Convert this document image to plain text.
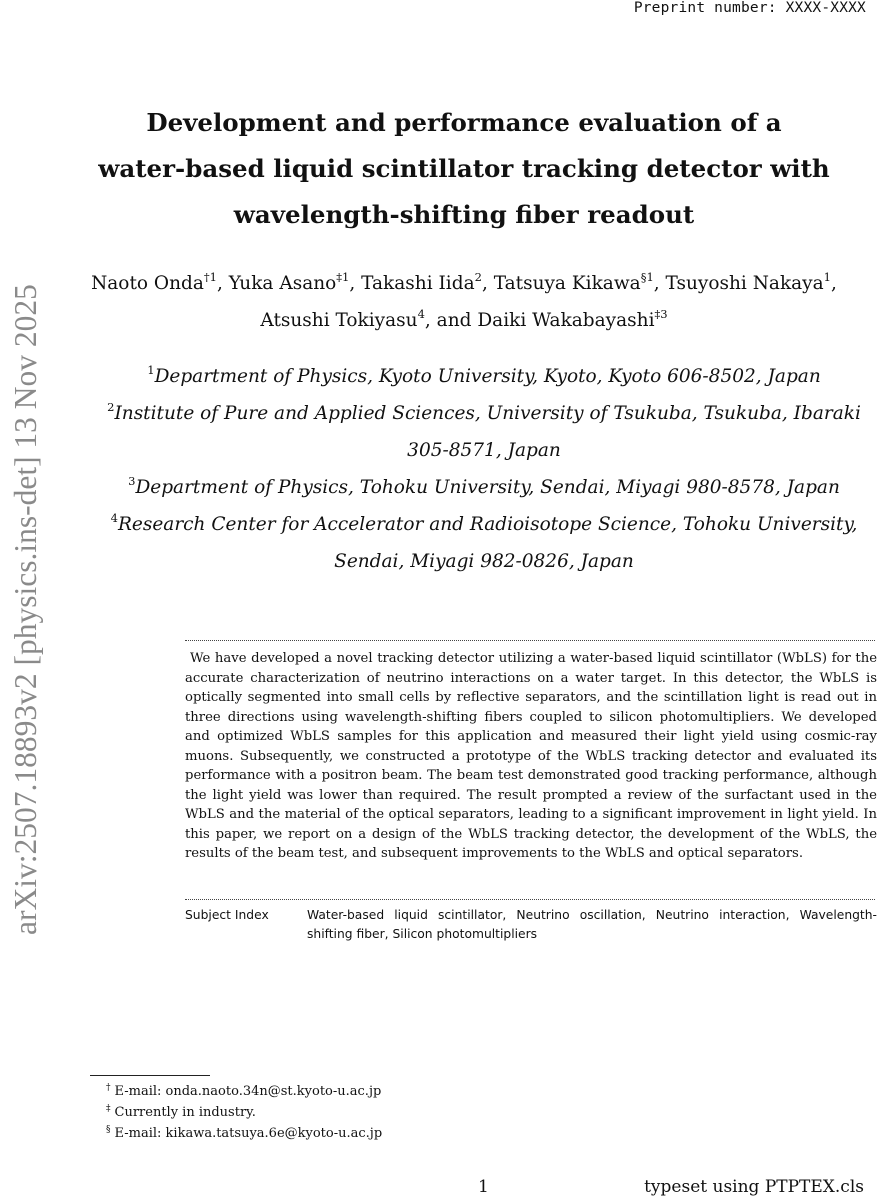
Preprint number: XXXX-XXXX
arXiv:2507.18893v2 [physics.ins-det] 13 Nov 2025
Development and performance evaluation of a
water-based liquid scintillator tracking detector with
wavelength-shifting fiber readout
Naoto Onda$^{\dagger 1}$, Yuka Asano$^{\ddagger 1}$, Takashi Iida$^2$, Tatsuya Kikawa$^{\S 1}$, Tsuyoshi Nakaya$^1$, Atsushi Tokiyasu$^4$, and Daiki Wakabayashi$^{\ddagger 3}$
$^1$Department of Physics, Kyoto University, Kyoto, Kyoto 606-8502, Japan
$^2$Institute of Pure and Applied Sciences, University of Tsukuba, Tsukuba, Ibaraki 305-8571, Japan
$^3$Department of Physics, Tohoku University, Sendai, Miyagi 980-8578, Japan
$^4$Research Center for Accelerator and Radioisotope Science, Tohoku University, Sendai, Miyagi 982-0826, Japan
We have developed a novel tracking detector utilizing a water-based liquid scintillator (WbLS) for the accurate characterization of neutrino interactions on a water target. In this detector, the WbLS is optically segmented into small cells by reflective separators, and the scintillation light is read out in three directions using wavelength-shifting fibers coupled to silicon photomultipliers. We developed and optimized WbLS samples for this application and measured their light yield using cosmic-ray muons. Subsequently, we constructed a prototype of the WbLS tracking detector and evaluated its performance with a positron beam. The beam test demonstrated good tracking performance, although the light yield was lower than required. The result prompted a review of the surfactant used in the WbLS and the material of the optical separators, leading to a significant improvement in light yield. In this paper, we report on a design of the WbLS tracking detector, the development of the WbLS, the results of the beam test, and subsequent improvements to the WbLS and optical separators.
Subject Index	Water-based liquid scintillator, Neutrino oscillation, Neutrino interaction, Wavelength-shifting fiber, Silicon photomultipliers
† E-mail: onda.naoto.34n@st.kyoto-u.ac.jp
‡ Currently in industry.
§ E-mail: kikawa.tatsuya.6e@kyoto-u.ac.jp
1	typeset using PTPTEX.cls
